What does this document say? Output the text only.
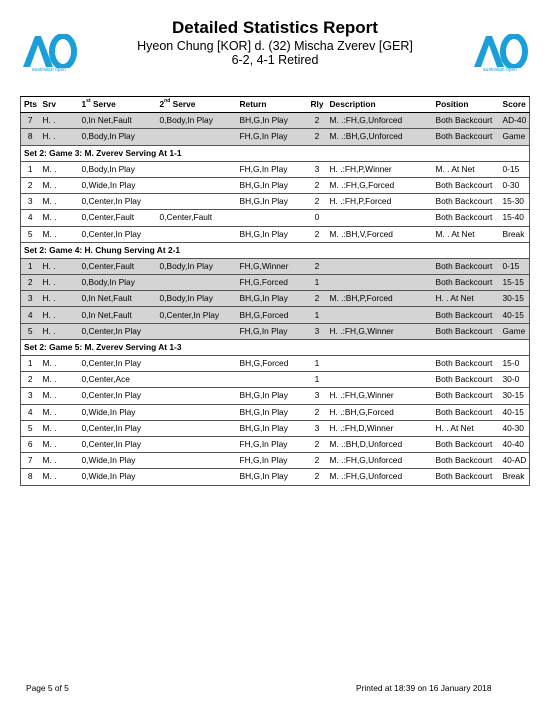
Detailed Statistics Report
Hyeon Chung [KOR] d. (32) Mischa Zverev [GER]
6-2, 4-1 Retired
australian open	australian open
Pts	Srv	1st Serve	2nd Serve	Return	Rly	Description	Position	Score
7	H. .	0,In Net,Fault	0,Body,In Play	BH,G,In Play	2	M. .:FH,G,Unforced	Both Backcourt	AD-40
8	H. .	0,Body,In Play		FH,G,In Play	2	M. .:BH,G,Unforced	Both Backcourt	Game
Set 2: Game 3: M. Zverev Serving At 1-1								
1	M. .	0,Body,In Play		FH,G,In Play	3	H. .:FH,P,Winner	M. . At Net	0-15
2	M. .	0,Wide,In Play		BH,G,In Play	2	M. .:FH,G,Forced	Both Backcourt	0-30
3	M. .	0,Center,In Play		BH,G,In Play	2	H. .:FH,P,Forced	Both Backcourt	15-30
4	M. .	0,Center,Fault	0,Center,Fault		0		Both Backcourt	15-40
5	M. .	0,Center,In Play		BH,G,In Play	2	M. .:BH,V,Forced	M. . At Net	Break
Set 2: Game 4: H. Chung Serving At 2-1								
1	H. .	0,Center,Fault	0,Body,In Play	FH,G,Winner	2		Both Backcourt	0-15
2	H. .	0,Body,In Play		FH,G,Forced	1		Both Backcourt	15-15
3	H. .	0,In Net,Fault	0,Body,In Play	BH,G,In Play	2	M. .:BH,P,Forced	H. . At Net	30-15
4	H. .	0,In Net,Fault	0,Center,In Play	BH,G,Forced	1		Both Backcourt	40-15
5	H. .	0,Center,In Play		FH,G,In Play	3	H. .:FH,G,Winner	Both Backcourt	Game
Set 2: Game 5: M. Zverev Serving At 1-3								
1	M. .	0,Center,In Play		BH,G,Forced	1		Both Backcourt	15-0
2	M. .	0,Center,Ace			1		Both Backcourt	30-0
3	M. .	0,Center,In Play		BH,G,In Play	3	H. .:FH,G,Winner	Both Backcourt	30-15
4	M. .	0,Wide,In Play		BH,G,In Play	2	H. .:BH,G,Forced	Both Backcourt	40-15
5	M. .	0,Center,In Play		BH,G,In Play	3	H. .:FH,D,Winner	H. . At Net	40-30
6	M. .	0,Center,In Play		FH,G,In Play	2	M. .:BH,D,Unforced	Both Backcourt	40-40
7	M. .	0,Wide,In Play		FH,G,In Play	2	M. .:FH,G,Unforced	Both Backcourt	40-AD
8	M. .	0,Wide,In Play		BH,G,In Play	2	M. .:FH,G,Unforced	Both Backcourt	Break
Page 5 of 5	Printed at 18:39 on 16 January 2018
